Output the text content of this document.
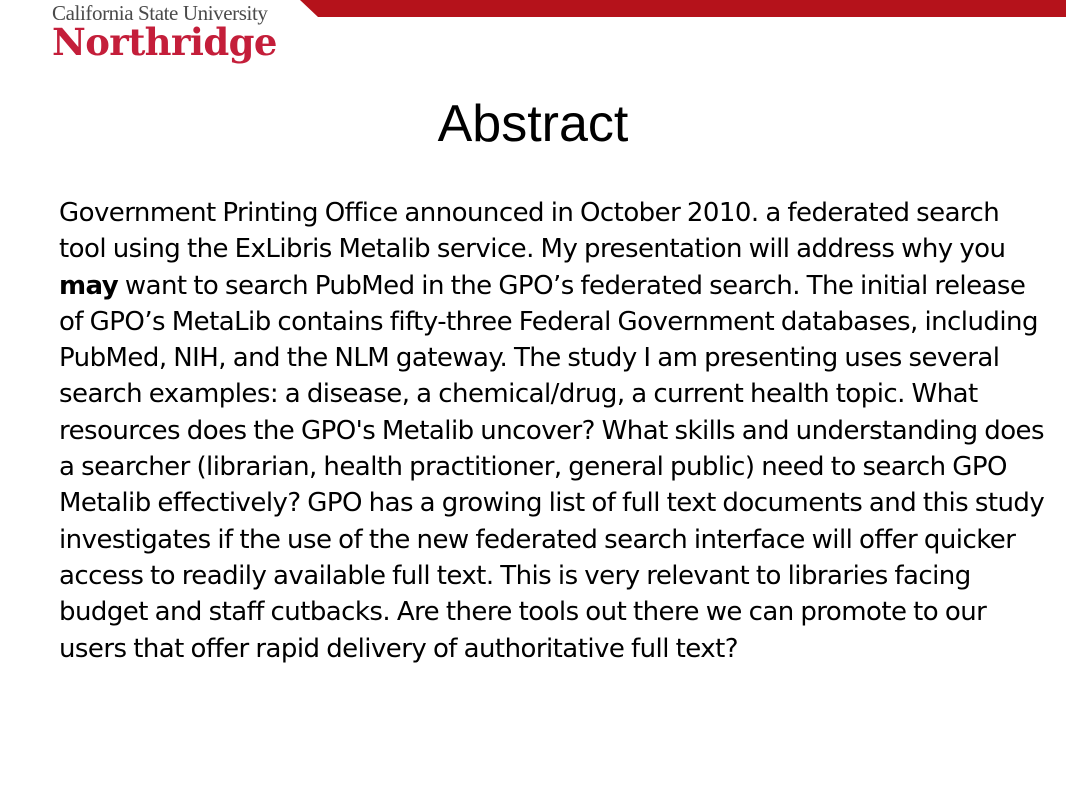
California State University
Northridge
Abstract
Government Printing Office announced in October 2010. a federated search tool using the ExLibris Metalib service. My presentation will address why you may want to search PubMed in the GPO’s federated search. The initial release of GPO’s MetaLib contains fifty-three Federal Government databases, including PubMed, NIH, and the NLM gateway. The study I am presenting uses several search examples: a disease, a chemical/drug, a current health topic. What resources does the GPO's Metalib uncover? What skills and understanding does a searcher (librarian, health practitioner, general public) need to search GPO Metalib effectively? GPO has a growing list of full text documents and this study investigates if the use of the new federated search interface will offer quicker access to readily available full text. This is very relevant to libraries facing budget and staff cutbacks. Are there tools out there we can promote to our users that offer rapid delivery of authoritative full text?
